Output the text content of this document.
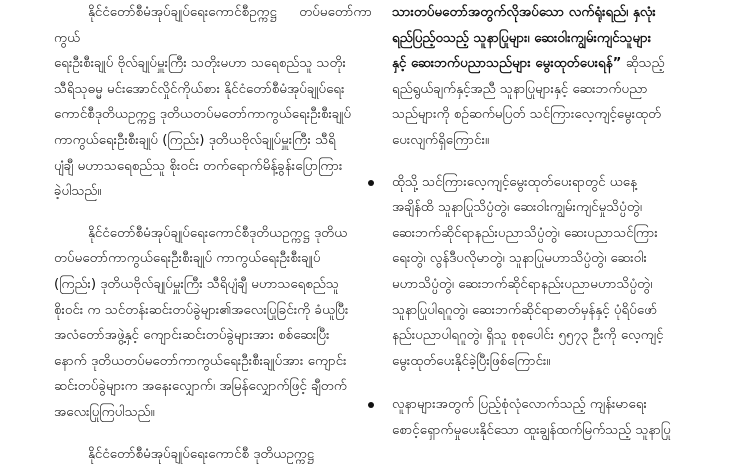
နိုင်ငံတော်စီမံအုပ်ချုပ်ရေးကောင်စီဥက္ကဋ္ဌ တပ်မတော်ကာကွယ်
ရေးဦးစီးချုပ် ဗိုလ်ချုပ်မှူးကြီး သတိုးမဟာ သရေစည်သူ သတိုး
သီရိသုဓမ္မ မင်းအောင်လှိုင်ကိုယ်စား နိုင်ငံတော်စီမံအုပ်ချုပ်ရေး
ကောင်စီဒုတိယဥက္ကဋ္ဌ ဒုတိယတပ်မတော်ကာကွယ်ရေးဦးစီးချုပ်
ကာကွယ်ရေးဦးစီးချုပ် (ကြည်း) ဒုတိယဗိုလ်ချုပ်မှူးကြီး သီရိ
ပျံချီ မဟာသရေစည်သူ စိုးဝင်း တက်ရောက်မိန့်ခွန်းပြောကြား
ခဲ့ပါသည်။

နိုင်ငံတော်စီမံအုပ်ချုပ်ရေးကောင်စီဒုတိယဥက္ကဋ္ဌ ဒုတိယ
တပ်မတော်ကာကွယ်ရေးဦးစီးချုပ် ကာကွယ်ရေးဦးစီးချုပ်
(ကြည်း) ဒုတိယဗိုလ်ချုပ်မှူးကြီး သီရိပျံချီ မဟာသရေစည်သူ
စိုးဝင်း က သင်တန်းဆင်းတပ်ခွဲများ၏အလေးပြုခြင်းကို ခံယူပြီး
အလံတော်အဖွဲ့နှင့် ကျောင်းဆင်းတပ်ခွဲများအား စစ်ဆေးပြီး
နောက် ဒုတိယတပ်မတော်ကာကွယ်ရေးဦးစီးချုပ်အား ကျောင်း
ဆင်းတပ်ခွဲများက အနေးလျှောက်၊ အမြန်လျှောက်ဖြင့် ချီတက်
အလေးပြုကြပါသည်။

နိုင်ငံတော်စီမံအုပ်ချုပ်ရေးကောင်စီ ဒုတိယဥက္ကဋ္ဌ

သားတပ်မတော်အတွက်လိုအပ်သော လက်ရုံးရည်၊ နှလုံး
ရည်ပြည့်ဝသည့် သူနာပြုများ၊ ဆေးဝါးကျွမ်းကျင်သူများ
နှင့် ဆေးဘက်ပညာသည်များ မွေးထုတ်ပေးရန်” ဆိုသည့်
ရည်ရွယ်ချက်နှင့်အညီ သူနာပြုများနှင့် ဆေးဘက်ပညာ
သည်များကို စဉ်ဆက်မပြတ် သင်ကြားလေ့ကျင့်မွေးထုတ်
ပေးလျက်ရှိကြောင်း။

ထိုသို့ သင်ကြားလေ့ကျင့်မွေးထုတ်ပေးရာတွင် ယနေ့
အချိန်ထိ သူနာပြုသိပ္ပံတွဲ၊ ဆေးဝါးကျွမ်းကျင်မှုသိပ္ပံတွဲ၊
ဆေးဘက်ဆိုင်ရာနည်းပညာသိပ္ပံတွဲ၊ ဆေးပညာသင်ကြား
ရေးတွဲ၊ လွန်ဒီပလိုမာတွဲ၊ သူနာပြုမဟာသိပ္ပံတွဲ၊ ဆေးဝါး
မဟာသိပ္ပံတွဲ၊ ဆေးဘက်ဆိုင်ရာနည်းပညာမဟာသိပ္ပံတွဲ၊
သူနာပြုပါရဂူတွဲ၊ ဆေးဘက်ဆိုင်ရာဓာတ်မှန်နှင့် ပုံရိပ်ဖော်
နည်းပညာပါရဂူတွဲ၊ ရှိသူ စုစုပေါင်း ၅၅၇၃ ဦးကို လေ့ကျင့်
မွေးထုတ်ပေးနိုင်ခဲ့ပြီးဖြစ်ကြောင်း။

လူနာများအတွက် ပြည့်စုံလုံလောက်သည့် ကျန်းမာရေး
စောင့်ရှောက်မှုပေးနိုင်သော ထူးချွန်ထက်မြက်သည့် သူနာပြု
